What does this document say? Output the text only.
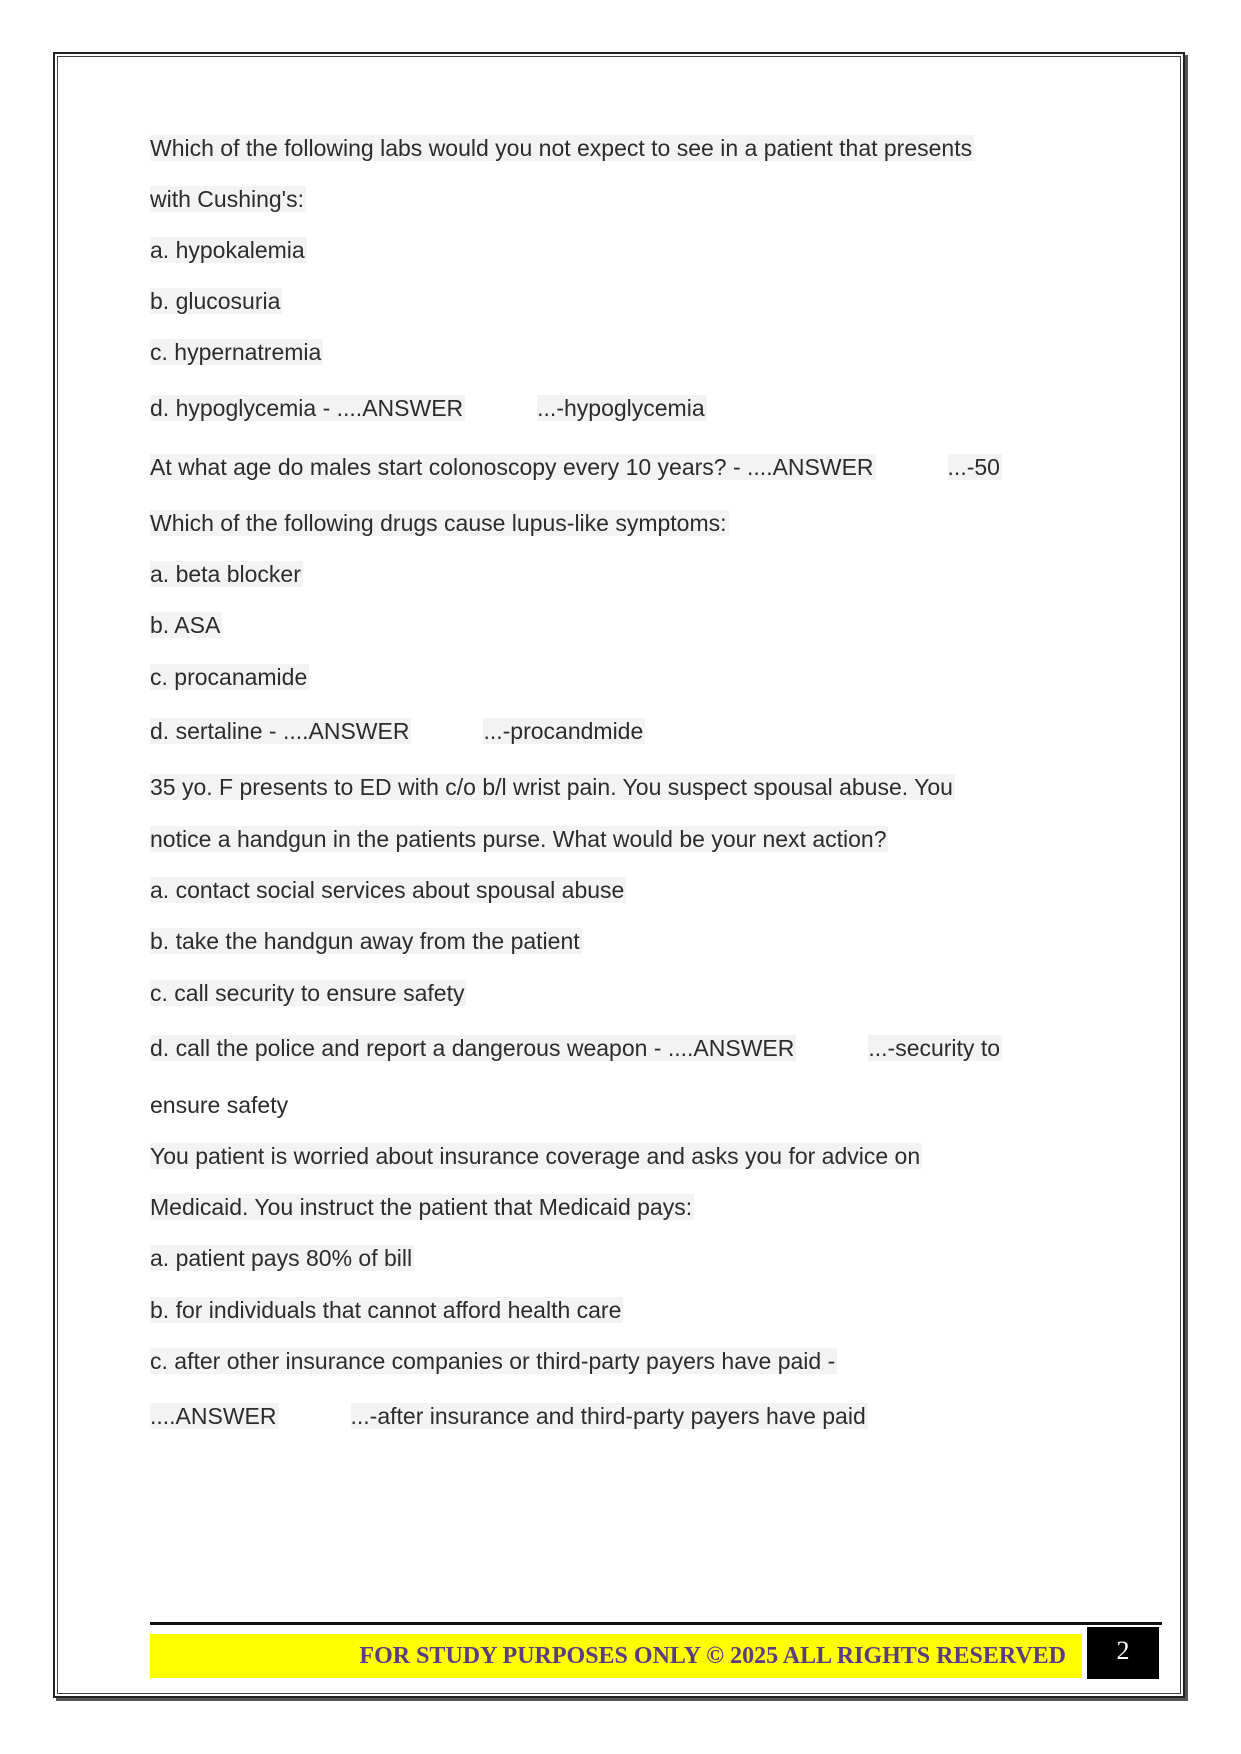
Which of the following labs would you not expect to see in a patient that presents
with Cushing's:
a. hypokalemia
b. glucosuria
c. hypernatremia
d. hypoglycemia - ....ANSWER	...-hypoglycemia
At what age do males start colonoscopy every 10 years? - ....ANSWER	...-50
Which of the following drugs cause lupus-like symptoms:
a. beta blocker
b. ASA
c. procanamide
d. sertaline - ....ANSWER	...-procandmide
35 yo. F presents to ED with c/o b/l wrist pain. You suspect spousal abuse. You
notice a handgun in the patients purse. What would be your next action?
a. contact social services about spousal abuse
b. take the handgun away from the patient
c. call security to ensure safety
d. call the police and report a dangerous weapon - ....ANSWER	...-security to
ensure safety
You patient is worried about insurance coverage and asks you for advice on
Medicaid. You instruct the patient that Medicaid pays:
a. patient pays 80% of bill
b. for individuals that cannot afford health care
c. after other insurance companies or third-party payers have paid -
....ANSWER	...-after insurance and third-party payers have paid
FOR STUDY PURPOSES ONLY © 2025 ALL RIGHTS RESERVED	2
